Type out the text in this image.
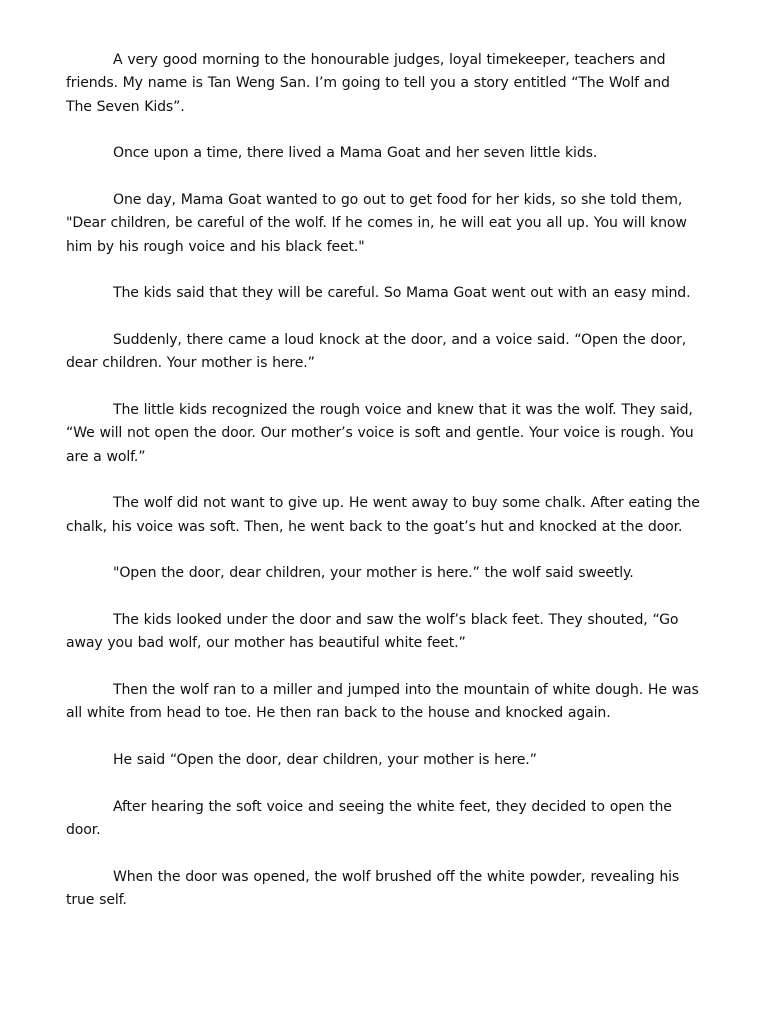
A very good morning to the honourable judges, loyal timekeeper, teachers and friends. My name is Tan Weng San. I’m going to tell you a story entitled “The Wolf and The Seven Kids”.

Once upon a time, there lived a Mama Goat and her seven little kids.

One day, Mama Goat wanted to go out to get food for her kids, so she told them, "Dear children, be careful of the wolf. If he comes in, he will eat you all up. You will know him by his rough voice and his black feet."

The kids said that they will be careful. So Mama Goat went out with an easy mind.

Suddenly, there came a loud knock at the door, and a voice said. “Open the door, dear children. Your mother is here.”

The little kids recognized the rough voice and knew that it was the wolf. They said, “We will not open the door. Our mother’s voice is soft and gentle. Your voice is rough. You are a wolf.”

The wolf did not want to give up. He went away to buy some chalk. After eating the chalk, his voice was soft. Then, he went back to the goat’s hut and knocked at the door.

"Open the door, dear children, your mother is here.” the wolf said sweetly.

The kids looked under the door and saw the wolf’s black feet. They shouted, “Go away you bad wolf, our mother has beautiful white feet.”

Then the wolf ran to a miller and jumped into the mountain of white dough. He was all white from head to toe. He then ran back to the house and knocked again.

He said “Open the door, dear children, your mother is here.”

After hearing the soft voice and seeing the white feet, they decided to open the door.

When the door was opened, the wolf brushed off the white powder, revealing his true self.
